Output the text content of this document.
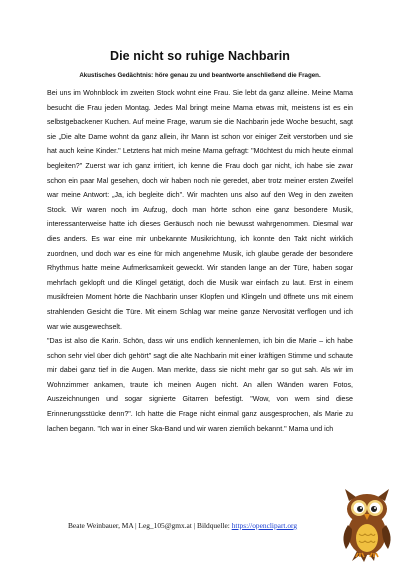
Die nicht so ruhige Nachbarin

Akustisches Gedächtnis: höre genau zu und beantworte anschließend die Fragen.

Bei uns im Wohnblock im zweiten Stock wohnt eine Frau. Sie lebt da ganz alleine. Meine Mama besucht die Frau jeden Montag. Jedes Mal bringt meine Mama etwas mit, meistens ist es ein selbstgebackener Kuchen. Auf meine Frage, warum sie die Nachbarin jede Woche besucht, sagt sie „Die alte Dame wohnt da ganz allein, ihr Mann ist schon vor einiger Zeit verstorben und sie hat auch keine Kinder." Letztens hat mich meine Mama gefragt: "Möchtest du mich heute einmal begleiten?" Zuerst war ich ganz irritiert, ich kenne die Frau doch gar nicht, ich habe sie zwar schon ein paar Mal gesehen, doch wir haben noch nie geredet, aber trotz meiner ersten Zweifel war meine Antwort: „Ja, ich begleite dich". Wir machten uns also auf den Weg in den zweiten Stock. Wir waren noch im Aufzug, doch man hörte schon eine ganz besondere Musik, interessanterweise hatte ich dieses Geräusch noch nie bewusst wahrgenommen. Diesmal war dies anders. Es war eine mir unbekannte Musikrichtung, ich konnte den Takt nicht wirklich zuordnen, und doch war es eine für mich angenehme Musik, ich glaube gerade der besondere Rhythmus hatte meine Aufmerksamkeit geweckt. Wir standen lange an der Türe, haben sogar mehrfach geklopft und die Klingel getätigt, doch die Musik war einfach zu laut. Erst in einem musikfreien Moment hörte die Nachbarin unser Klopfen und Klingeln und öffnete uns mit einem strahlenden Gesicht die Türe. Mit einem Schlag war meine ganze Nervosität verflogen und ich war wie ausgewechselt.

"Das ist also die Karin. Schön, dass wir uns endlich kennenlernen, ich bin die Marie – ich habe schon sehr viel über dich gehört" sagt die alte Nachbarin mit einer kräftigen Stimme und schaute mir dabei ganz tief in die Augen. Man merkte, dass sie nicht mehr gar so gut sah. Als wir im Wohnzimmer ankamen, traute ich meinen Augen nicht. An allen Wänden waren Fotos, Auszeichnungen und sogar signierte Gitarren befestigt. "Wow, von wem sind diese Erinnerungsstücke denn?". Ich hatte die Frage nicht einmal ganz ausgesprochen, als Marie zu lachen begann. "Ich war in einer Ska-Band und wir waren ziemlich bekannt." Mama und ich

Beate Weinbauer, MA | Leg_105@gmx.at | Bildquelle: https://openclipart.org
